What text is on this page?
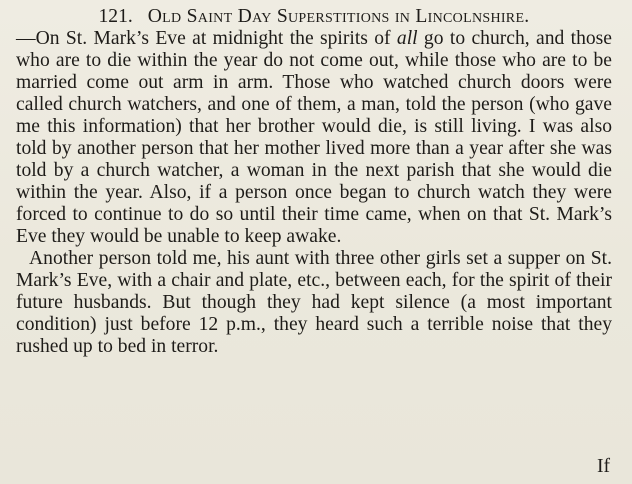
121. Old Saint Day Superstitions in Lincolnshire.

—On St. Mark’s Eve at midnight the spirits of all go to church, and those who are to die within the year do not come out, while those who are to be married come out arm in arm. Those who watched church doors were called church watchers, and one of them, a man, told the person (who gave me this information) that her brother would die, is still living. I was also told by another person that her mother lived more than a year after she was told by a church watcher, a woman in the next parish that she would die within the year. Also, if a person once began to church watch they were forced to continue to do so until their time came, when on that St. Mark’s Eve they would be unable to keep awake.

Another person told me, his aunt with three other girls set a supper on St. Mark’s Eve, with a chair and plate, etc., between each, for the spirit of their future husbands. But though they had kept silence (a most important condition) just before 12 p.m., they heard such a terrible noise that they rushed up to bed in terror.

If
